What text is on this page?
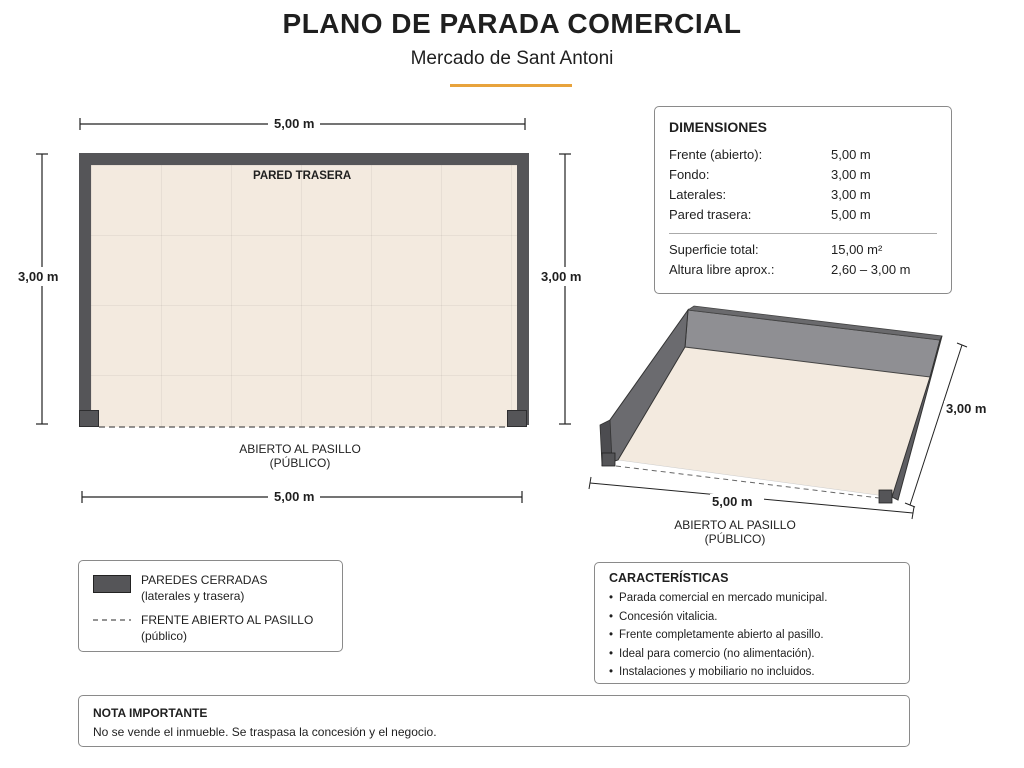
PLANO DE PARADA COMERCIAL
Mercado de Sant Antoni
5,00 m
PARED TRASERA
3,00 m	3,00 m
ABIERTO AL PASILLO
(PÚBLICO)
5,00 m
DIMENSIONES
Frente (abierto):	5,00 m
Fondo:	3,00 m
Laterales:	3,00 m
Pared trasera:	5,00 m
Superficie total:	15,00 m²
Altura libre aprox.:	2,60 – 3,00 m
3,00 m
5,00 m
ABIERTO AL PASILLO
(PÚBLICO)
PAREDES CERRADAS
(laterales y trasera)
FRENTE ABIERTO AL PASILLO
(público)
CARACTERÍSTICAS
• Parada comercial en mercado municipal.
• Concesión vitalicia.
• Frente completamente abierto al pasillo.
• Ideal para comercio (no alimentación).
• Instalaciones y mobiliario no incluidos.
NOTA IMPORTANTE
No se vende el inmueble. Se traspasa la concesión y el negocio.
